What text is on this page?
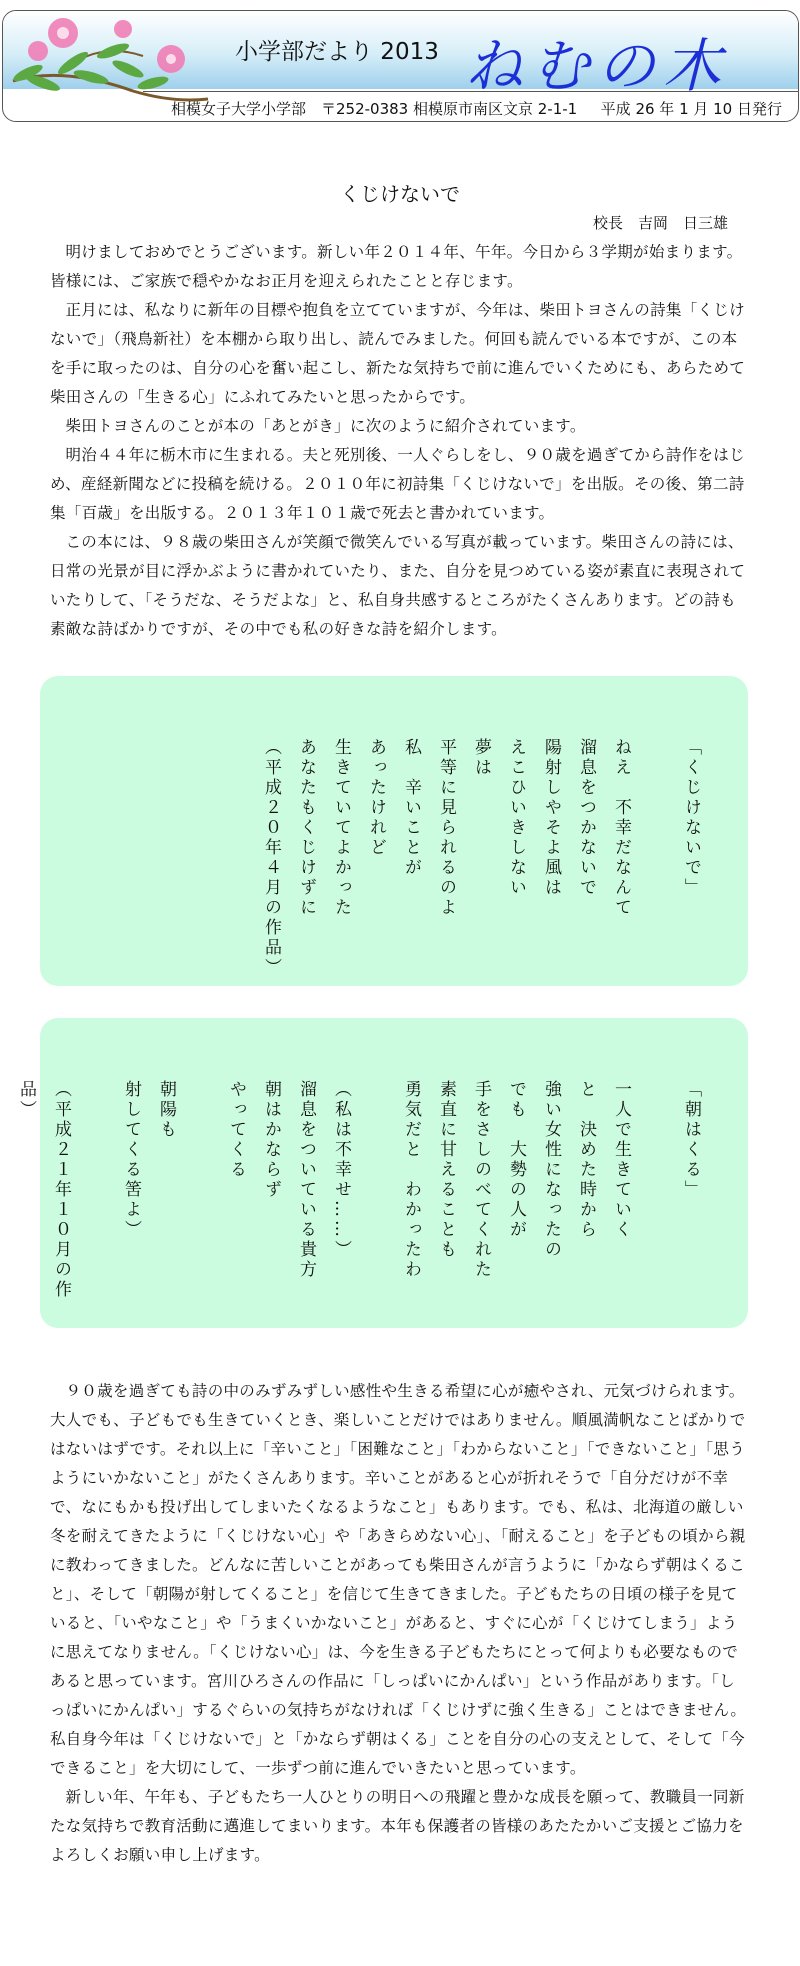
小学部だより 2013 ねむの木
相模女子大学小学部　〒252-0383 相模原市南区文京 2-1-1 平成 26 年 1 月 10 日発行
くじけないで
校長　吉岡　日三雄

明けましておめでとうございます。新しい年２０１４年、午年。今日から３学期が始まります。皆様には、ご家族で穏やかなお正月を迎えられたことと存じます。

正月には、私なりに新年の目標や抱負を立てていますが、今年は、柴田トヨさんの詩集「くじけないで」（飛鳥新社）を本棚から取り出し、読んでみました。何回も読んでいる本ですが、この本を手に取ったのは、自分の心を奮い起こし、新たな気持ちで前に進んでいくためにも、あらためて柴田さんの「生きる心」にふれてみたいと思ったからです。

柴田トヨさんのことが本の「あとがき」に次のように紹介されています。

明治４４年に栃木市に生まれる。夫と死別後、一人ぐらしをし、９０歳を過ぎてから詩作をはじめ、産経新聞などに投稿を続ける。２０１０年に初詩集「くじけないで」を出版。その後、第二詩集「百歳」を出版する。２０１３年１０１歳で死去と書かれています。

この本には、９８歳の柴田さんが笑顔で微笑んでいる写真が載っています。柴田さんの詩には、日常の光景が目に浮かぶように書かれていたり、また、自分を見つめている姿が素直に表現されていたりして、「そうだな、そうだよな」と、私自身共感するところがたくさんあります。どの詩も素敵な詩ばかりですが、その中でも私の好きな詩を紹介します。

「くじけないで」
ねえ　不幸だなんて
溜息をつかないで
陽射しやそよ風は
えこひいきしない
夢は
平等に見られるのよ
私　辛いことが
あったけれど
生きていてよかった
あなたもくじけずに
（平成２０年４月の作品）
「朝はくる」
一人で生きていく
と　決めた時から
強い女性になったの
でも　大勢の人が
手をさしのべてくれた
素直に甘えることも
勇気だと　わかったわ
（私は不幸せ……）
溜息をついている貴方
朝はかならず
やってくる
朝陽も
射してくる筈よ）
（平成２１年１０月の作品）

９０歳を過ぎても詩の中のみずみずしい感性や生きる希望に心が癒やされ、元気づけられます。大人でも、子どもでも生きていくとき、楽しいことだけではありません。順風満帆なことばかりではないはずです。それ以上に「辛いこと」「困難なこと」「わからないこと」「できないこと」「思うようにいかないこと」がたくさんあります。辛いことがあると心が折れそうで「自分だけが不幸で、なにもかも投げ出してしまいたくなるようなこと」もあります。でも、私は、北海道の厳しい冬を耐えてきたように「くじけない心」や「あきらめない心」、「耐えること」を子どもの頃から親に教わってきました。どんなに苦しいことがあっても柴田さんが言うように「かならず朝はくること」、そして「朝陽が射してくること」を信じて生きてきました。子どもたちの日頃の様子を見ていると、「いやなこと」や「うまくいかないこと」があると、すぐに心が「くじけてしまう」ように思えてなりません。「くじけない心」は、今を生きる子どもたちにとって何よりも必要なものであると思っています。宮川ひろさんの作品に「しっぱいにかんぱい」という作品があります。「しっぱいにかんぱい」するぐらいの気持ちがなければ「くじけずに強く生きる」ことはできません。私自身今年は「くじけないで」と「かならず朝はくる」ことを自分の心の支えとして、そして「今できること」を大切にして、一歩ずつ前に進んでいきたいと思っています。

新しい年、午年も、子どもたち一人ひとりの明日への飛躍と豊かな成長を願って、教職員一同新たな気持ちで教育活動に邁進してまいります。本年も保護者の皆様のあたたかいご支援とご協力をよろしくお願い申し上げます。
